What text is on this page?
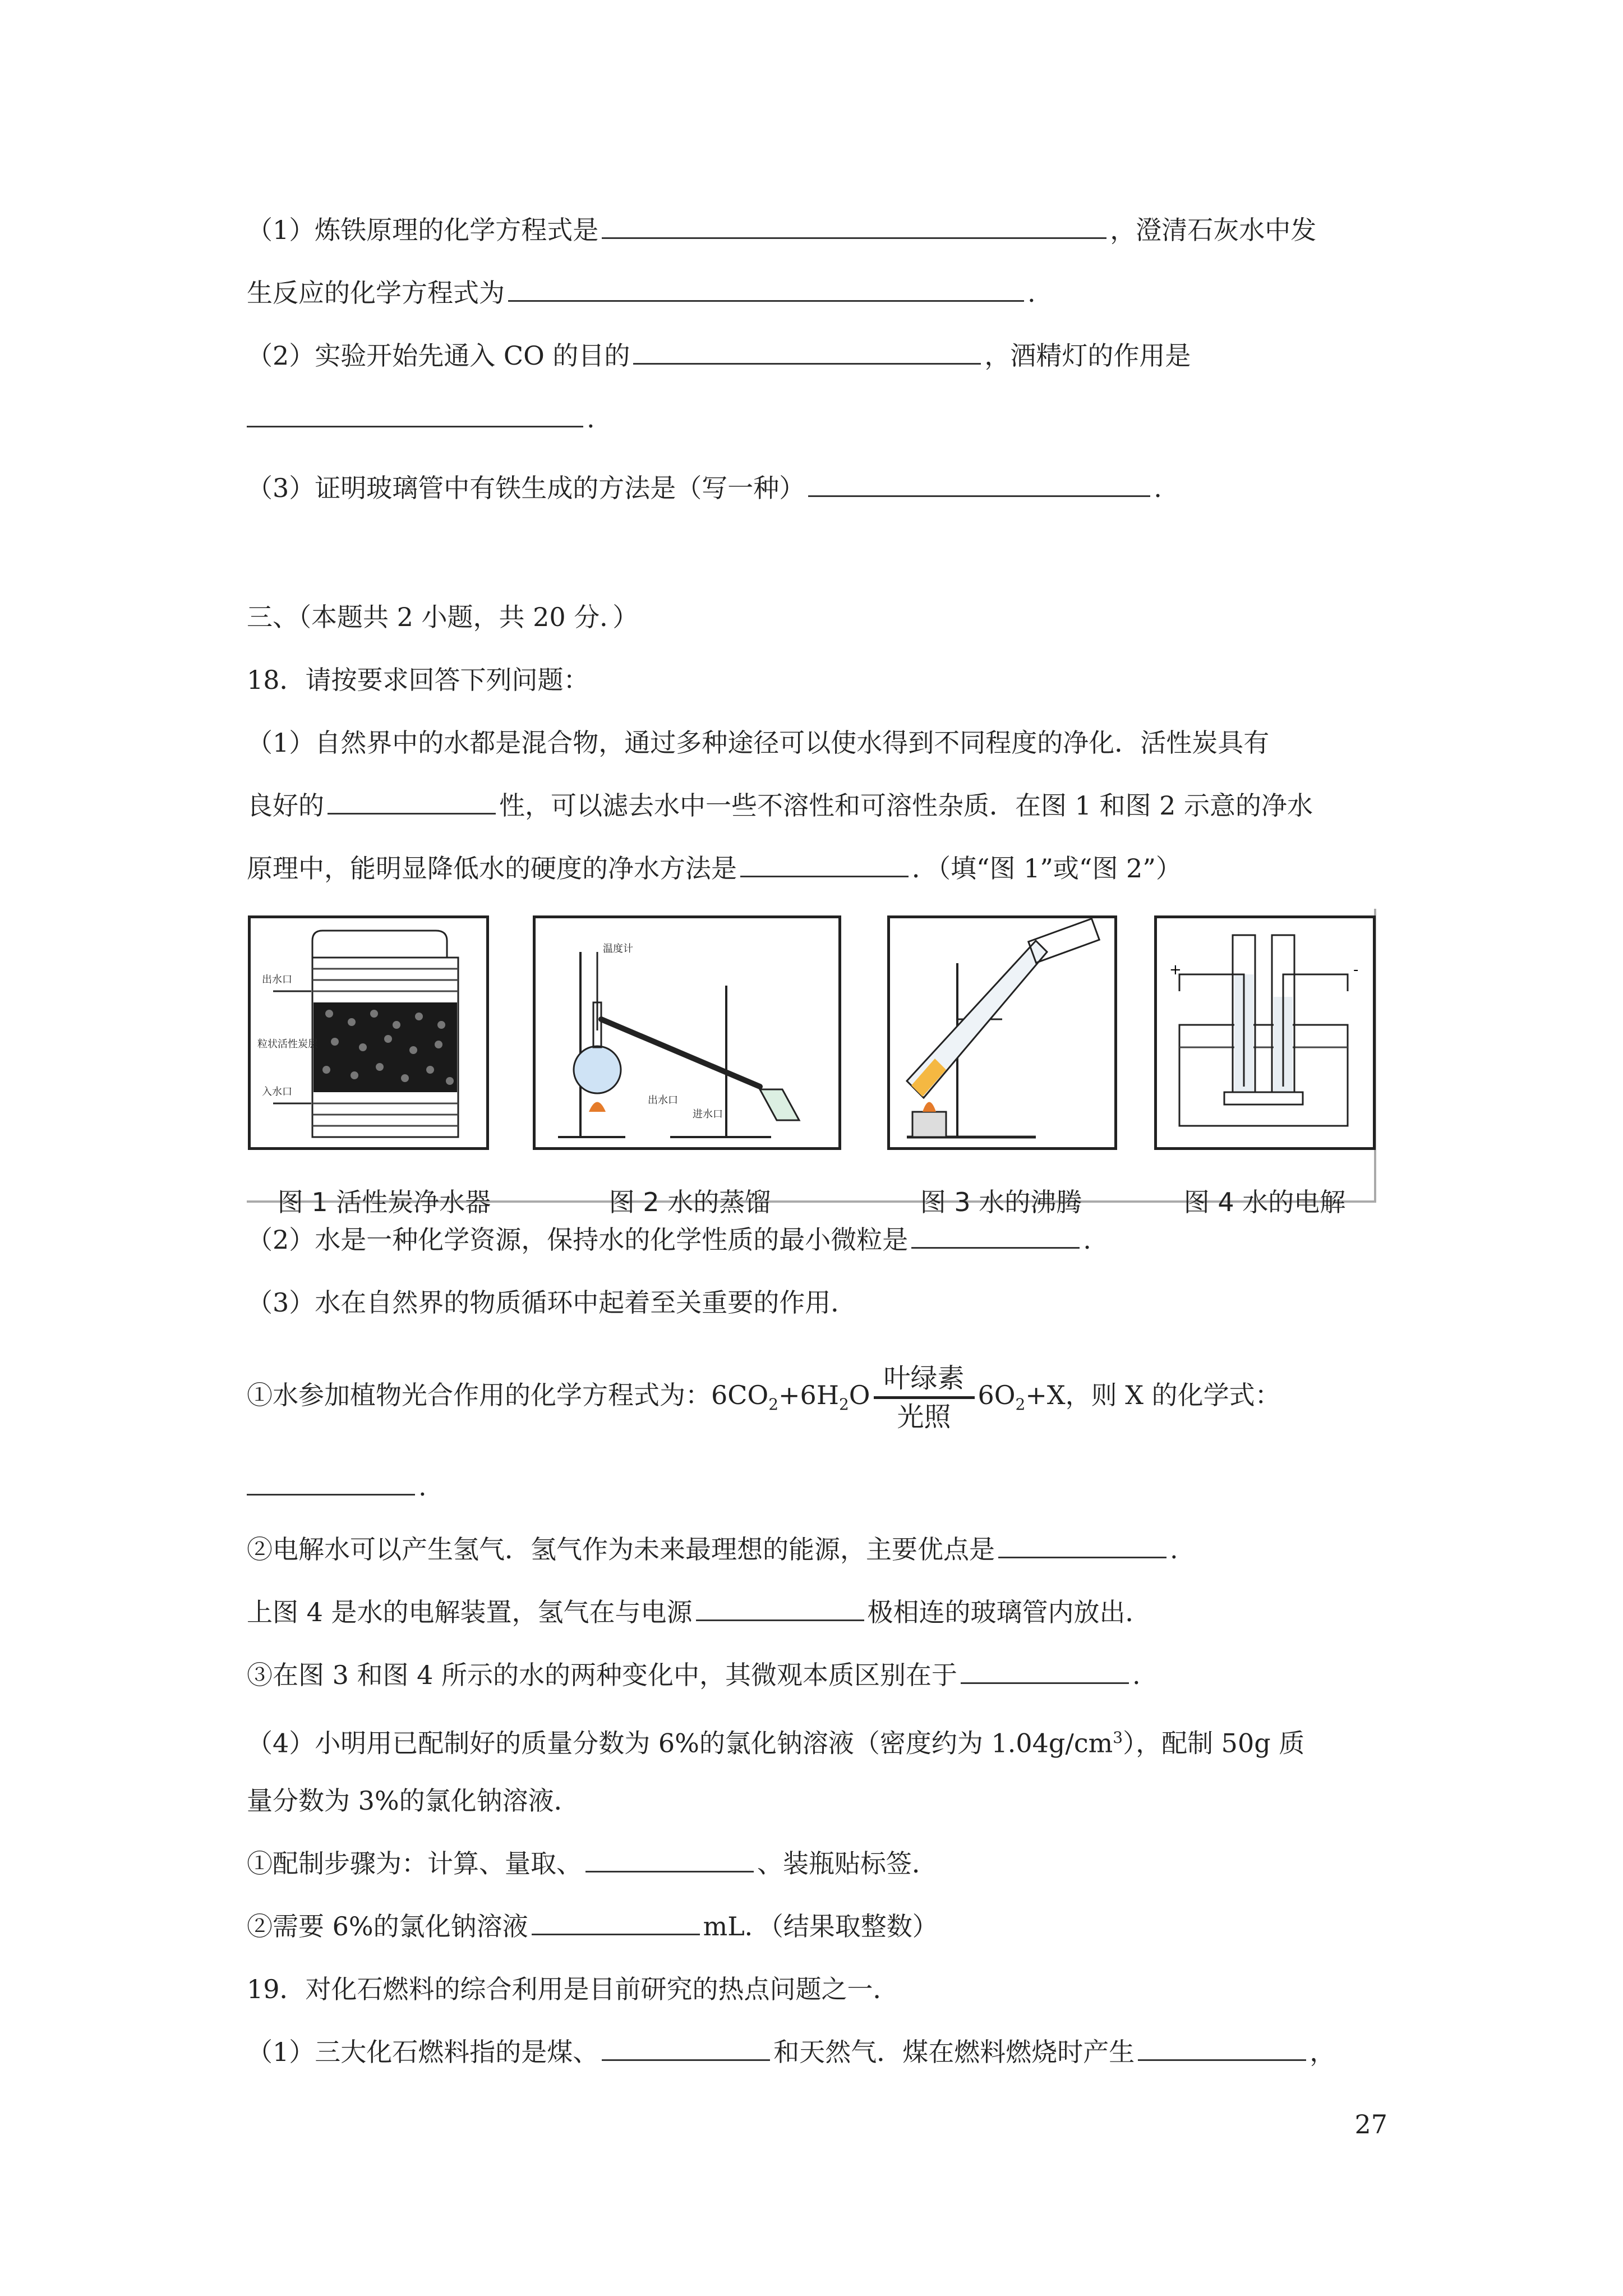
（1）炼铁原理的化学方程式是	，澄清石灰水中发
生反应的化学方程式为	.
（2）实验开始先通入 CO 的目的	，酒精灯的作用是
.
（3）证明玻璃管中有铁生成的方法是（写一种）	.
三、（本题共 2 小题，共 20 分．）
18．请按要求回答下列问题：
（1）自然界中的水都是混合物，通过多种途径可以使水得到不同程度的净化．活性炭具有
良好的	性，可以滤去水中一些不溶性和可溶性杂质．在图 1 和图 2 示意的净水
原理中，能明显降低水的硬度的净水方法是	．（填“图 1”或“图 2”）
出水口
粒状活性炭层
入水口
温度计
出水口
进水口
+	-
图 1 活性炭净水器	图 2 水的蒸馏	图 3 水的沸腾	图 4 水的电解
（2）水是一种化学资源，保持水的化学性质的最小微粒是	.
（3）水在自然界的物质循环中起着至关重要的作用．
①水参加植物光合作用的化学方程式为：$6CO_2+6H_2O \frac{\text{叶绿素}}{\text{光照}} 6O_2+X$，则 X 的化学式：
.
②电解水可以产生氢气．氢气作为未来最理想的能源，主要优点是	.
上图 4 是水的电解装置，氢气在与电源	极相连的玻璃管内放出．
③在图 3 和图 4 所示的水的两种变化中，其微观本质区别在于	.
（4）小明用已配制好的质量分数为 6%的氯化钠溶液（密度约为 $1.04g/cm^3$），配制 50g 质
量分数为 3%的氯化钠溶液．
①配制步骤为：计算、量取、	、装瓶贴标签．
②需要 6%的氯化钠溶液	mL．（结果取整数）
19．对化石燃料的综合利用是目前研究的热点问题之一．
（1）三大化石燃料指的是煤、	和天然气．煤在燃料燃烧时产生	，
27
